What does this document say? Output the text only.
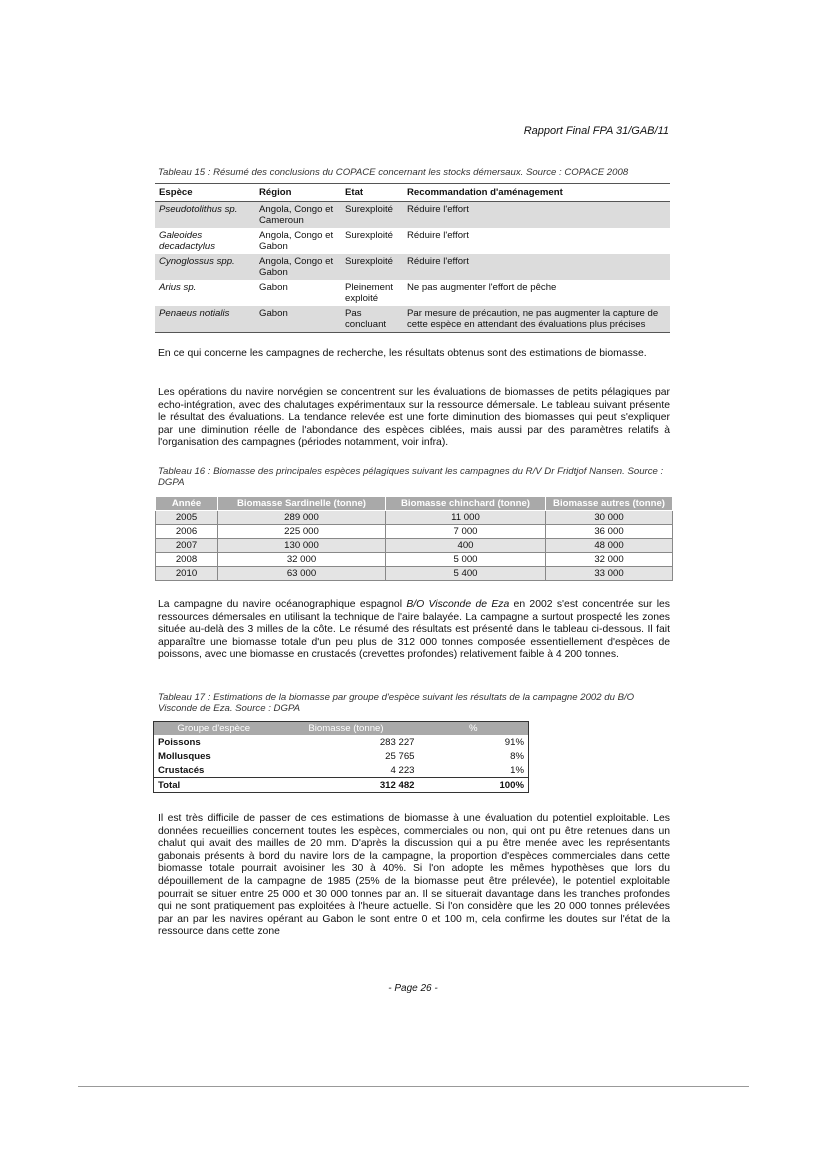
Rapport Final FPA 31/GAB/11
Tableau 15 : Résumé des conclusions du COPACE concernant les stocks démersaux. Source : COPACE 2008
Espèce	Région	Etat	Recommandation d'aménagement
Pseudotolithus sp.	Angola, Congo et Cameroun	Surexploité	Réduire l'effort
Galeoides decadactylus	Angola, Congo et Gabon	Surexploité	Réduire l'effort
Cynoglossus spp.	Angola, Congo et Gabon	Surexploité	Réduire l'effort
Arius sp.	Gabon	Pleinement exploité	Ne pas augmenter l'effort de pêche
Penaeus notialis	Gabon	Pas concluant	Par mesure de précaution, ne pas augmenter la capture de cette espèce en attendant des évaluations plus précises
En ce qui concerne les campagnes de recherche, les résultats obtenus sont des estimations de biomasse.
Les opérations du navire norvégien se concentrent sur les évaluations de biomasses de petits pélagiques par echo-intégration, avec des chalutages expérimentaux sur la ressource démersale. Le tableau suivant présente le résultat des évaluations. La tendance relevée est une forte diminution des biomasses qui peut s'expliquer par une diminution réelle de l'abondance des espèces ciblées, mais aussi par des paramètres relatifs à l'organisation des campagnes (périodes notamment, voir infra).
Tableau 16 : Biomasse des principales espèces pélagiques suivant les campagnes du R/V Dr Fridtjof Nansen. Source : DGPA
Année	Biomasse Sardinelle (tonne)	Biomasse chinchard (tonne)	Biomasse autres (tonne)
2005	289 000	11 000	30 000
2006	225 000	7 000	36 000
2007	130 000	400	48 000
2008	32 000	5 000	32 000
2010	63 000	5 400	33 000
La campagne du navire océanographique espagnol B/O Visconde de Eza en 2002 s'est concentrée sur les ressources démersales en utilisant la technique de l'aire balayée. La campagne a surtout prospecté les zones située au-delà des 3 milles de la côte. Le résumé des résultats est présenté dans le tableau ci-dessous. Il fait apparaître une biomasse totale d'un peu plus de 312 000 tonnes composée essentiellement d'espèces de poissons, avec une biomasse en crustacés (crevettes profondes) relativement faible à 4 200 tonnes.
Tableau 17 : Estimations de la biomasse par groupe d'espèce suivant les résultats de la campagne 2002 du B/O Visconde de Eza. Source : DGPA
Groupe d'espèce	Biomasse (tonne)	%
Poissons	283 227	91%
Mollusques	25 765	8%
Crustacés	4 223	1%
Total	312 482	100%
Il est très difficile de passer de ces estimations de biomasse à une évaluation du potentiel exploitable. Les données recueillies concernent toutes les espèces, commerciales ou non, qui ont pu être retenues dans un chalut qui avait des mailles de 20 mm. D'après la discussion qui a pu être menée avec les représentants gabonais présents à bord du navire lors de la campagne, la proportion d'espèces commerciales dans cette biomasse totale pourrait avoisiner les 30 à 40%. Si l'on adopte les mêmes hypothèses que lors du dépouillement de la campagne de 1985 (25% de la biomasse peut être prélevée), le potentiel exploitable pourrait se situer entre 25 000 et 30 000 tonnes par an. Il se situerait davantage dans les tranches profondes qui ne sont pratiquement pas exploitées à l'heure actuelle. Si l'on considère que les 20 000 tonnes prélevées par an par les navires opérant au Gabon le sont entre 0 et 100 m, cela confirme les doutes sur l'état de la ressource dans cette zone
- Page 26 -
